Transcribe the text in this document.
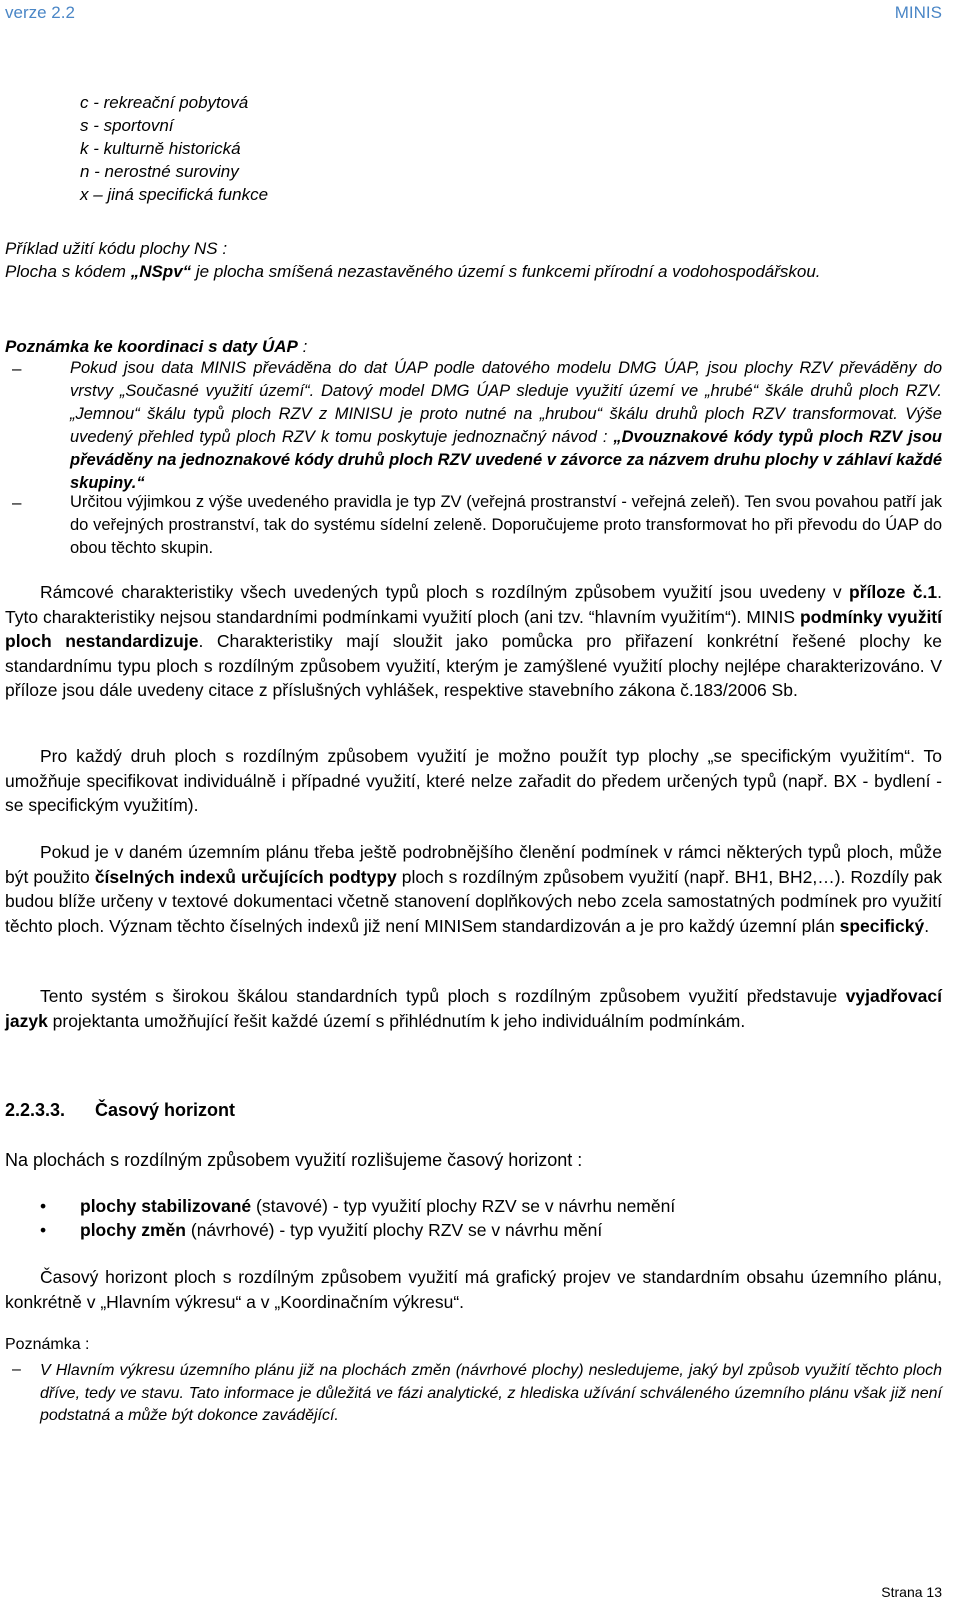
verze 2.2	MINIS
c - rekreační pobytová
s - sportovní
k - kulturně historická
n - nerostné suroviny
x – jiná specifická funkce
Příklad užití kódu plochy NS :
Plocha s kódem „NSpv“ je plocha smíšená nezastavěného území s funkcemi přírodní a vodohospodářskou.
Poznámka ke koordinaci s daty ÚAP :
–	Pokud jsou data MINIS převáděna do dat ÚAP podle datového modelu DMG ÚAP, jsou plochy RZV převáděny do vrstvy „Současné využití území“. Datový model DMG ÚAP sleduje využití území ve „hrubé“ škále druhů ploch RZV. „Jemnou“ škálu typů ploch RZV z MINISU je proto nutné na „hrubou“ škálu druhů ploch RZV transformovat. Výše uvedený přehled typů ploch RZV k tomu poskytuje jednoznačný návod : „Dvouznakové kódy typů ploch RZV jsou převáděny na jednoznakové kódy druhů ploch RZV uvedené v závorce za názvem druhu plochy v záhlaví každé skupiny.“
–	Určitou výjimkou z výše uvedeného pravidla je typ ZV (veřejná prostranství - veřejná zeleň). Ten svou povahou patří jak do veřejných prostranství, tak do systému sídelní zeleně. Doporučujeme proto transformovat ho při převodu do ÚAP do obou těchto skupin.
Rámcové charakteristiky všech uvedených typů ploch s rozdílným způsobem využití jsou uvedeny v příloze č.1. Tyto charakteristiky nejsou standardními podmínkami využití ploch (ani tzv. “hlavním využitím“). MINIS podmínky využití ploch nestandardizuje. Charakteristiky mají sloužit jako pomůcka pro přiřazení konkrétní řešené plochy ke standardnímu typu ploch s rozdílným způsobem využití, kterým je zamýšlené využití plochy nejlépe charakterizováno. V příloze jsou dále uvedeny citace z příslušných vyhlášek, respektive stavebního zákona č.183/2006 Sb.
Pro každý druh ploch s rozdílným způsobem využití je možno použít typ plochy „se specifickým využitím“. To umožňuje specifikovat individuálně i případné využití, které nelze zařadit do předem určených typů (např. BX - bydlení - se specifickým využitím).
Pokud je v daném územním plánu třeba ještě podrobnějšího členění podmínek v rámci některých typů ploch, může být použito číselných indexů určujících podtypy ploch s rozdílným způsobem využití (např. BH1, BH2,…). Rozdíly pak budou blíže určeny v textové dokumentaci včetně stanovení doplňkových nebo zcela samostatných podmínek pro využití těchto ploch. Význam těchto číselných indexů již není MINISem standardizován a je pro každý územní plán specifický.
Tento systém s širokou škálou standardních typů ploch s rozdílným způsobem využití představuje vyjadřovací jazyk projektanta umožňující řešit každé území s přihlédnutím k jeho individuálním podmínkám.
2.2.3.3. Časový horizont
Na plochách s rozdílným způsobem využití rozlišujeme časový horizont :
• plochy stabilizované (stavové) - typ využití plochy RZV se v návrhu nemění
• plochy změn (návrhové) - typ využití plochy RZV se v návrhu mění
Časový horizont ploch s rozdílným způsobem využití má grafický projev ve standardním obsahu územního plánu, konkrétně v „Hlavním výkresu“ a v „Koordinačním výkresu“.
Poznámka :
– V Hlavním výkresu územního plánu již na plochách změn (návrhové plochy) nesledujeme, jaký byl způsob využití těchto ploch dříve, tedy ve stavu. Tato informace je důležitá ve fázi analytické, z hlediska užívání schváleného územního plánu však již není podstatná a může být dokonce zavádějící.
Strana 13
